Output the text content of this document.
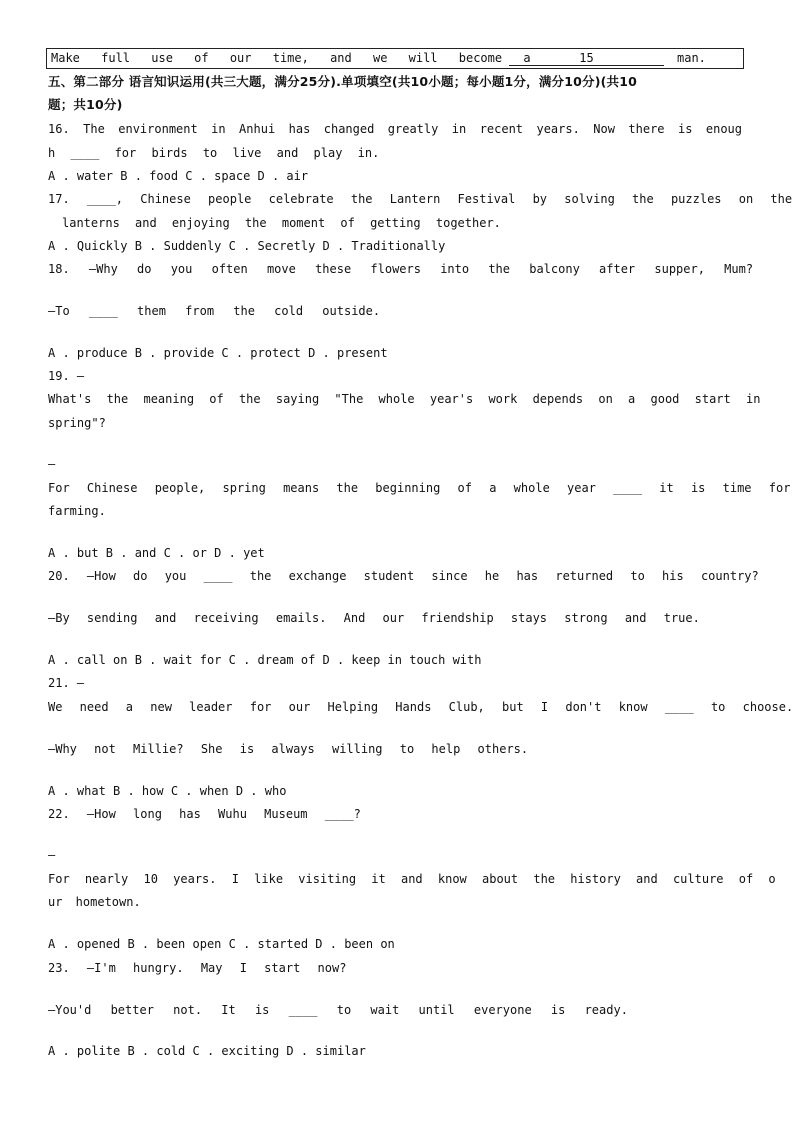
Make full use of our time, and we will become a	15	man.
五、第二部分 语言知识运用(共三大题，满分25分).单项填空(共10小题；每小题1分，满分10分)(共10
题；共10分)
16. The environment in Anhui has changed greatly in recent years. Now there is enoug
h ____ for birds to live and play in.
A . water B . food C . space D . air
17. ____, Chinese people celebrate the Lantern Festival by solving the puzzles on the
lanterns and enjoying the moment of getting together.
A . Quickly B . Suddenly C . Secretly D . Traditionally
18. —Why do you often move these flowers into the balcony after supper, Mum?
—To ____ them from the cold outside.
A . produce B . provide C . protect D . present
19. —
What's the meaning of the saying "The whole year's work depends on a good start in
spring"?
—
For Chinese people, spring means the beginning of a whole year ____ it is time for
farming.
A . but B . and C . or D . yet
20. —How do you ____ the exchange student since he has returned to his country?
—By sending and receiving emails. And our friendship stays strong and true.
A . call on B . wait for C . dream of D . keep in touch with
21. —
We need a new leader for our Helping Hands Club, but I don't know ____ to choose.
—Why not Millie? She is always willing to help others.
A . what B . how C . when D . who
22. —How long has Wuhu Museum ____?
—
For nearly 10 years. I like visiting it and know about the history and culture of o
ur hometown.
A . opened B . been open C . started D . been on
23. —I'm hungry. May I start now?
—You'd better not. It is ____ to wait until everyone is ready.
A . polite B . cold C . exciting D . similar
